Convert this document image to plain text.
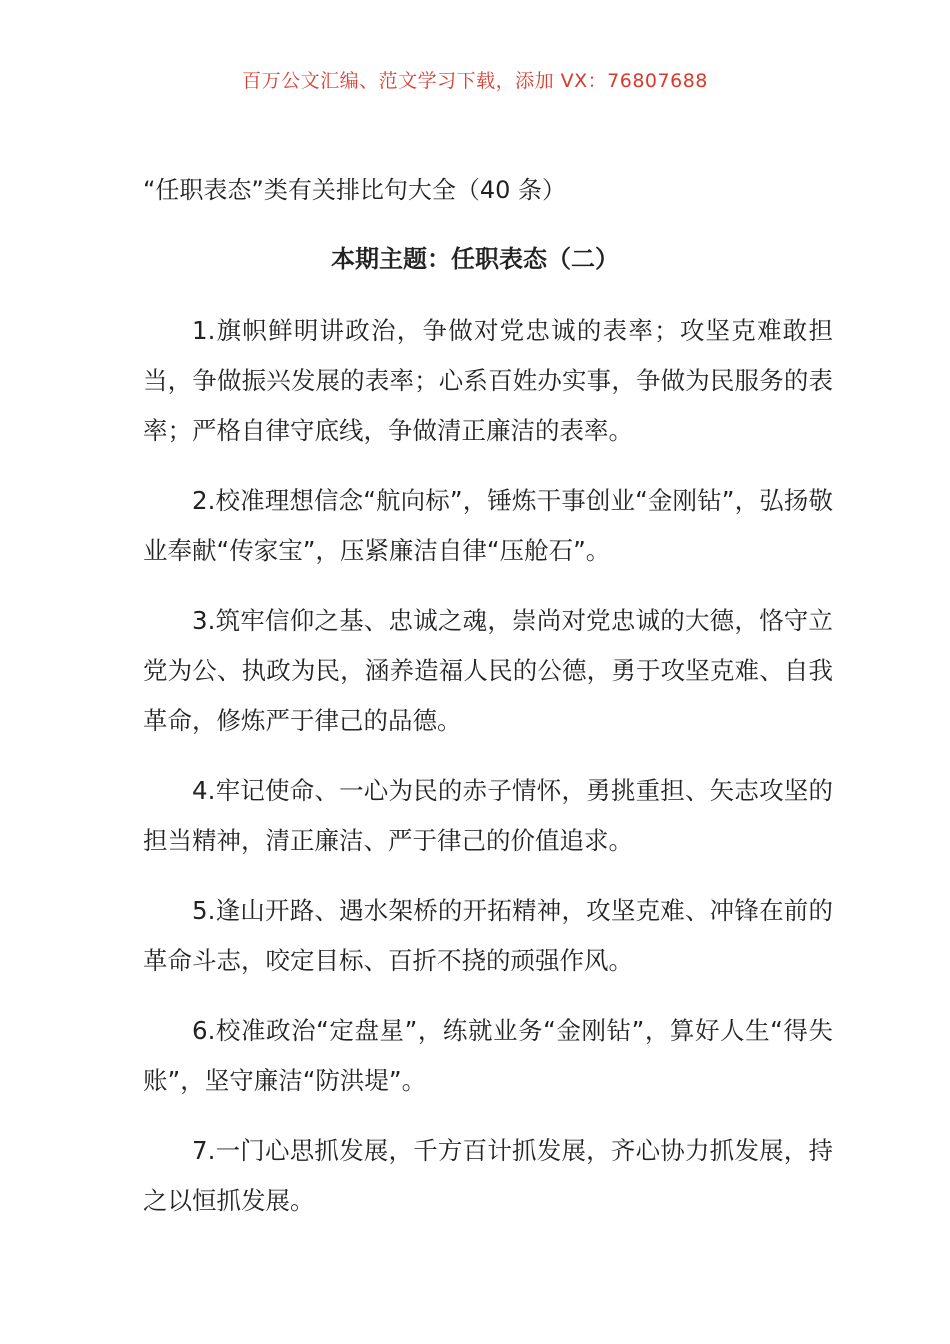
百万公文汇编、范文学习下载，添加 VX：76807688
“任职表态”类有关排比句大全（40 条）
本期主题：任职表态（二）

1.旗帜鲜明讲政治，争做对党忠诚的表率；攻坚克难敢担当，争做振兴发展的表率；心系百姓办实事，争做为民服务的表率；严格自律守底线，争做清正廉洁的表率。

2.校准理想信念“航向标”，锤炼干事创业“金刚钻”，弘扬敬业奉献“传家宝”，压紧廉洁自律“压舱石”。

3.筑牢信仰之基、忠诚之魂，崇尚对党忠诚的大德，恪守立党为公、执政为民，涵养造福人民的公德，勇于攻坚克难、自我革命，修炼严于律己的品德。

4.牢记使命、一心为民的赤子情怀，勇挑重担、矢志攻坚的担当精神，清正廉洁、严于律己的价值追求。

5.逢山开路、遇水架桥的开拓精神，攻坚克难、冲锋在前的革命斗志，咬定目标、百折不挠的顽强作风。

6.校准政治“定盘星”，练就业务“金刚钻”，算好人生“得失账”，坚守廉洁“防洪堤”。

7.一门心思抓发展，千方百计抓发展，齐心协力抓发展，持之以恒抓发展。
